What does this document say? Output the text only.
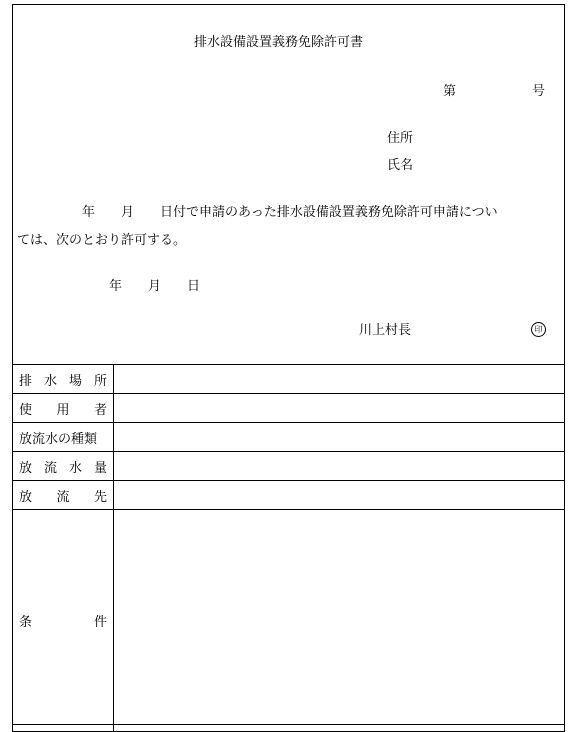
排水設備設置義務免除許可書
第	号
住所
氏名
　　　　　年　　月　　日付で申請のあった排水設備設置義務免除許可申請につい
ては、次のとおり許可する。
年　　月　　日
川上村長	印
排 水 場 所	

使 用 者	

放流水の種類	

放 流 水 量	

放 流 先	

条 件	
